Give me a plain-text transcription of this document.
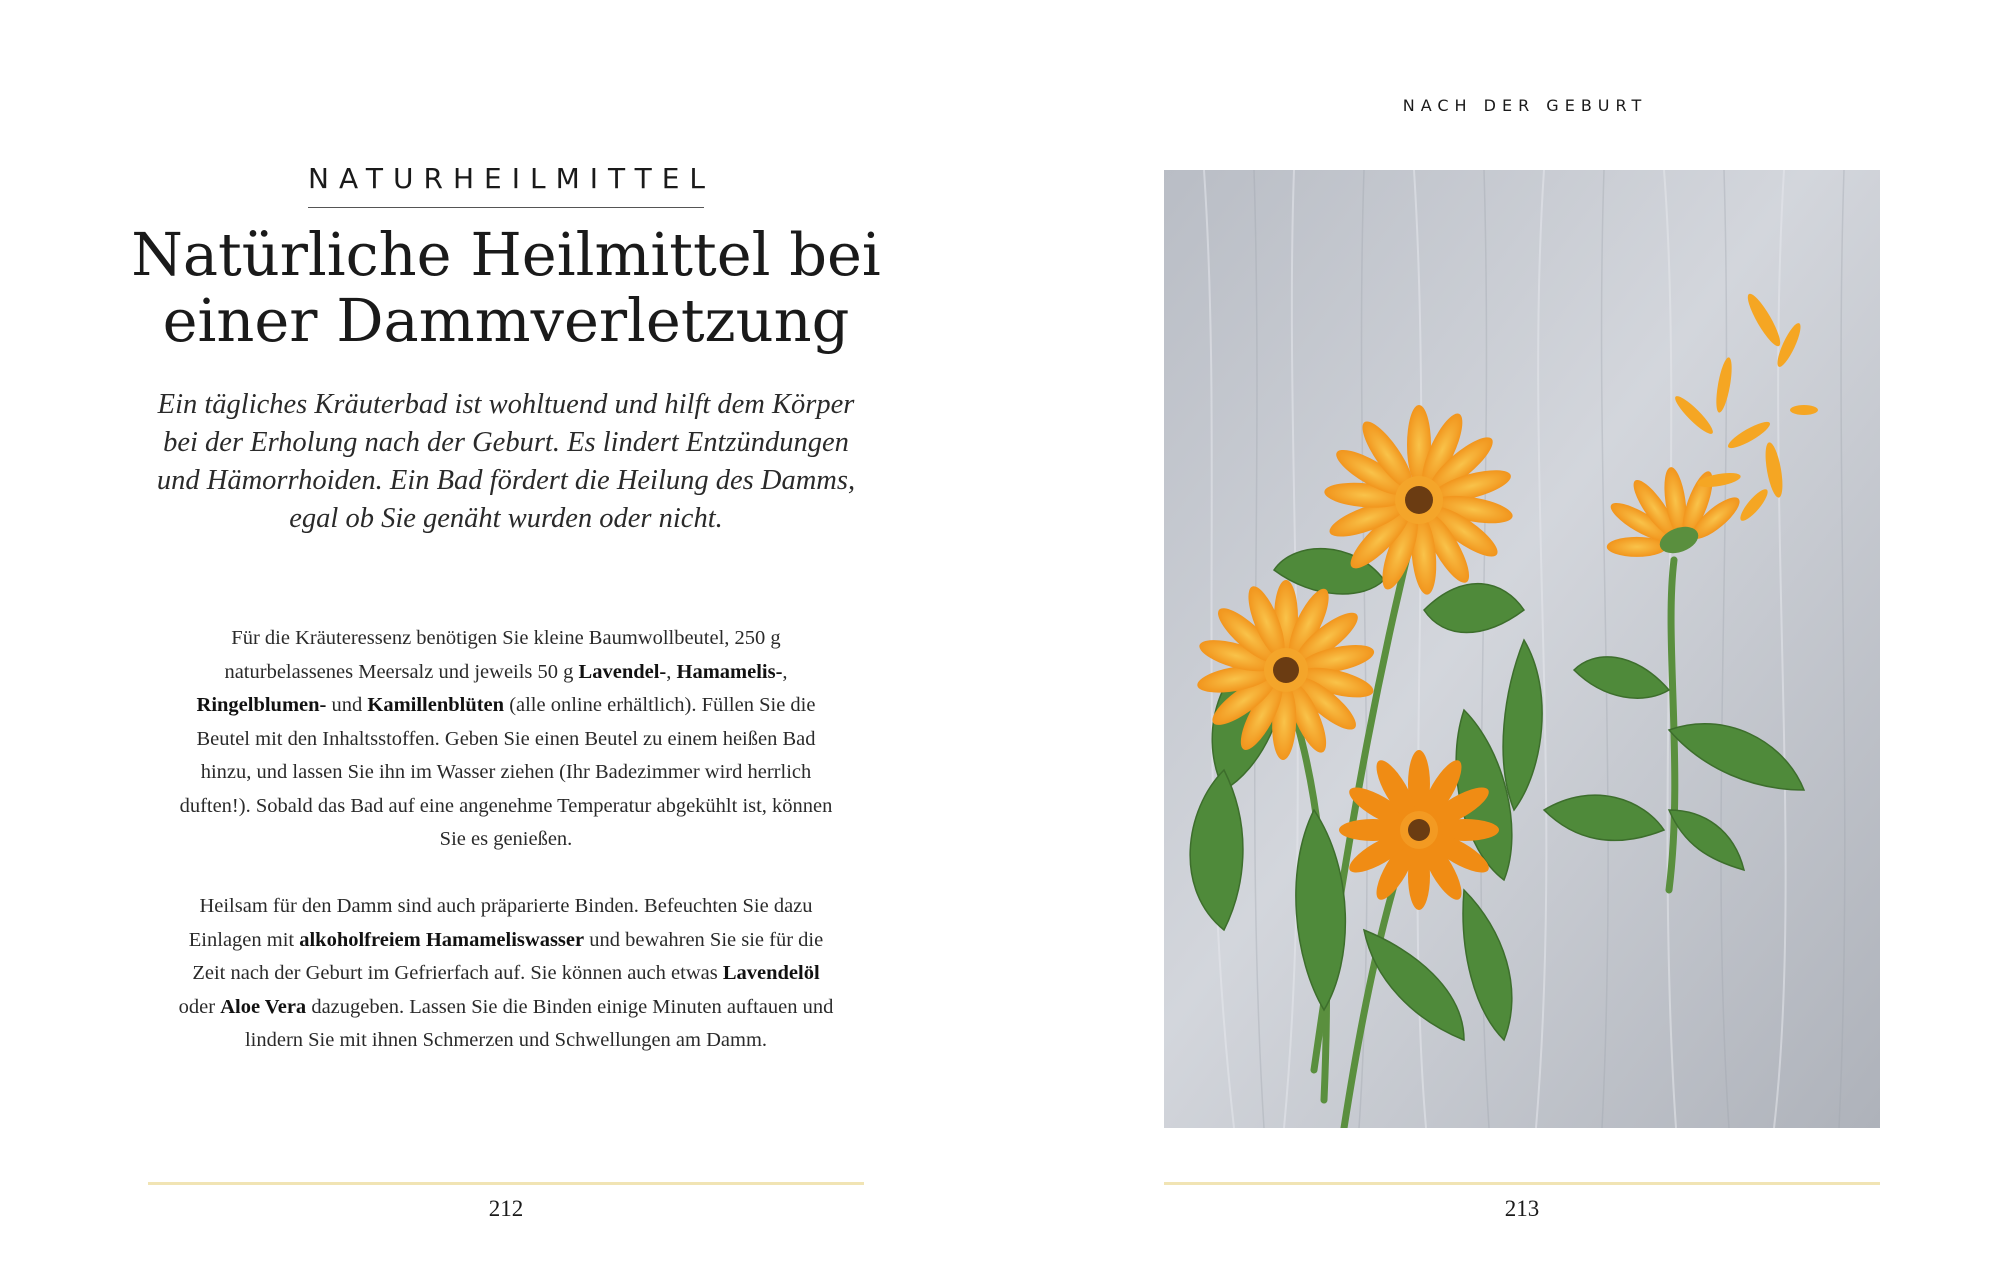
NATURHEILMITTEL
Natürliche Heilmittel bei
einer Dammverletzung

Ein tägliches Kräuterbad ist wohltuend und hilft dem Körper bei der Erholung nach der Geburt. Es lindert Entzündungen und Hämorrhoiden. Ein Bad fördert die Heilung des Damms, egal ob Sie genäht wurden oder nicht.

Für die Kräuteressenz benötigen Sie kleine Baumwollbeutel, 250 g naturbelassenes Meersalz und jeweils 50 g Lavendel-, Hamamelis-, Ringelblumen- und Kamillenblüten (alle online erhältlich). Füllen Sie die Beutel mit den Inhaltsstoffen. Geben Sie einen Beutel zu einem heißen Bad hinzu, und lassen Sie ihn im Wasser ziehen (Ihr Badezimmer wird herrlich duften!). Sobald das Bad auf eine angenehme Temperatur abgekühlt ist, können Sie es genießen.

Heilsam für den Damm sind auch präparierte Binden. Befeuchten Sie dazu Einlagen mit alkoholfreiem Hamameliswasser und bewahren Sie sie für die Zeit nach der Geburt im Gefrierfach auf. Sie können auch etwas Lavendelöl oder Aloe Vera dazugeben. Lassen Sie die Binden einige Minuten auftauen und lindern Sie mit ihnen Schmerzen und Schwellungen am Damm.

212
NACH DER GEBURT
213
